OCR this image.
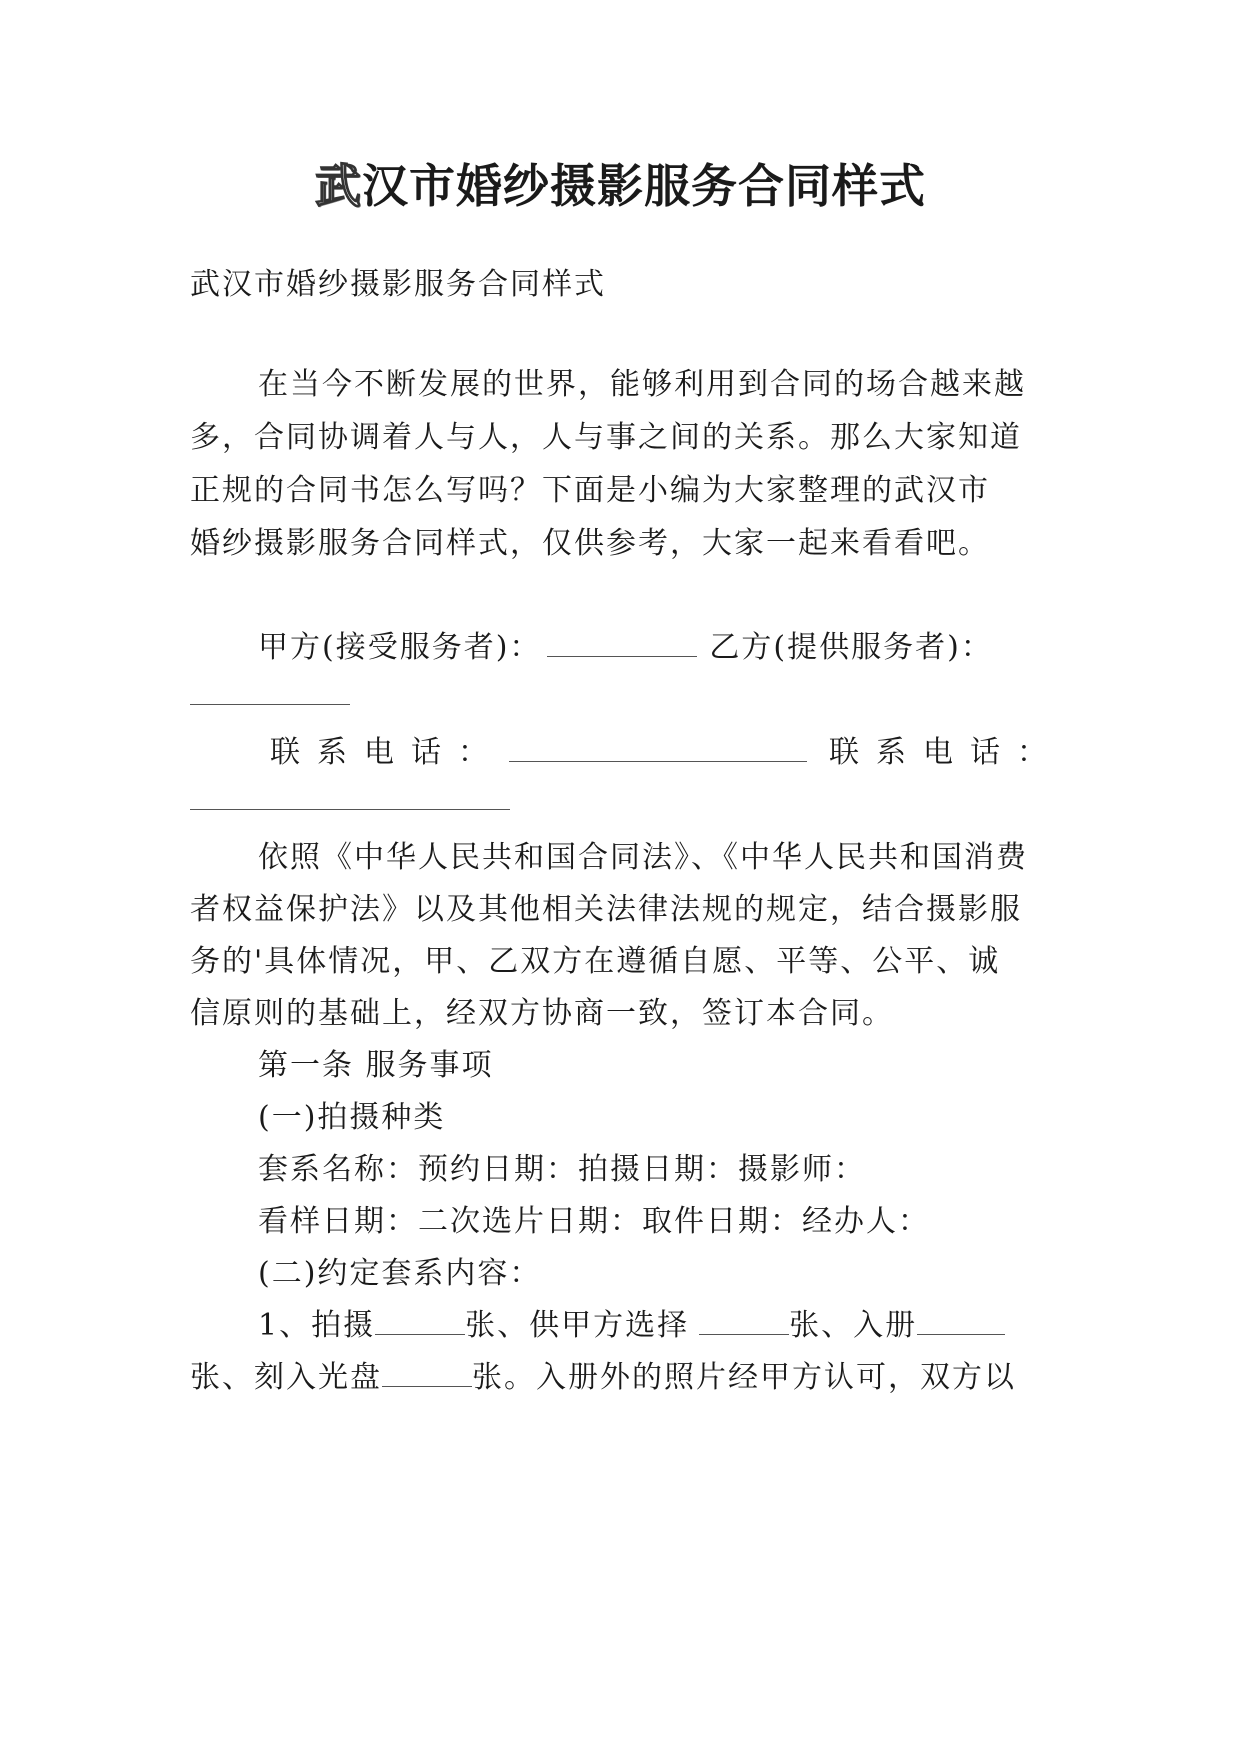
武汉市婚纱摄影服务合同样式
武汉市婚纱摄影服务合同样式
在当今不断发展的世界，能够利用到合同的场合越来越
多，合同协调着人与人，人与事之间的关系。那么大家知道
正规的合同书怎么写吗？下面是小编为大家整理的武汉市
婚纱摄影服务合同样式，仅供参考，大家一起来看看吧。
甲方(接受服务者)：	乙方(提供服务者)：
联系电话：	联系电话：
依照《中华人民共和国合同法》、《中华人民共和国消费
者权益保护法》以及其他相关法律法规的规定，结合摄影服
务的'具体情况，甲、乙双方在遵循自愿、平等、公平、诚
信原则的基础上，经双方协商一致，签订本合同。
第一条 服务事项
(一)拍摄种类
套系名称：预约日期：拍摄日期：摄影师：
看样日期：二次选片日期：取件日期：经办人：
(二)约定套系内容：
1、拍摄	张、供甲方选择	张、入册
张、刻入光盘	张。入册外的照片经甲方认可，双方以
